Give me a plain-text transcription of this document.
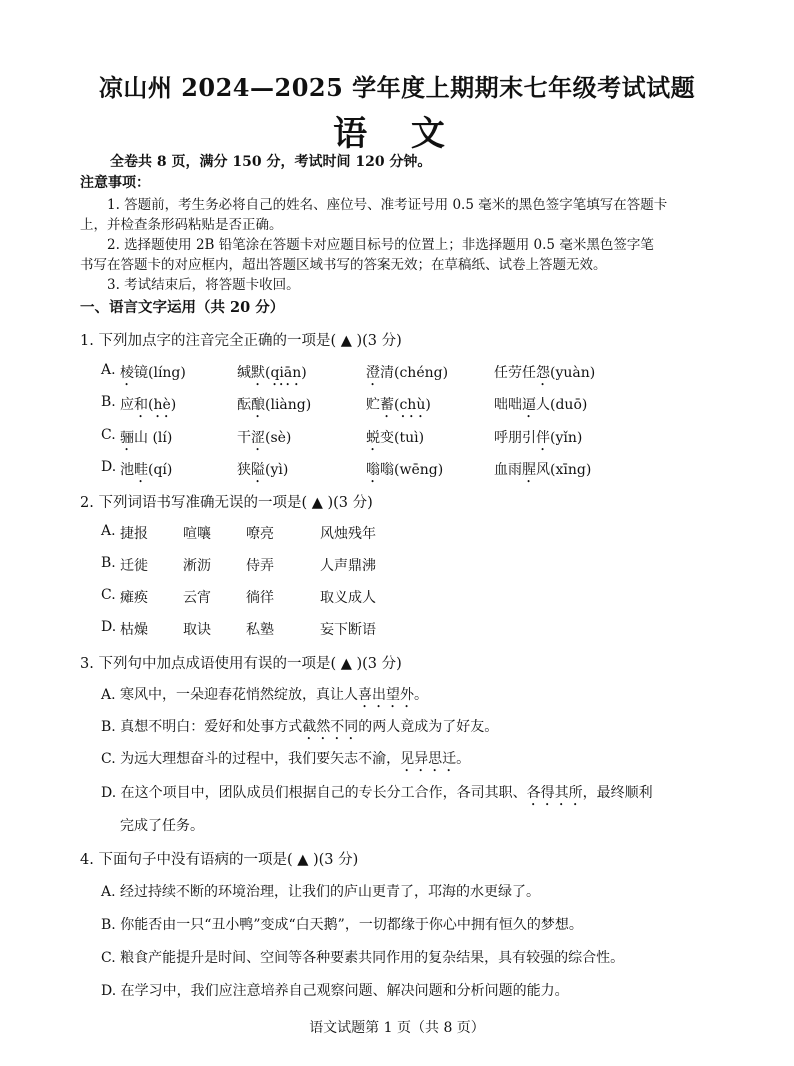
凉山州 2024—2025 学年度上期期末七年级考试试题
语 文
全卷共 8 页，满分 150 分，考试时间 120 分钟。
注意事项：
1. 答题前，考生务必将自己的姓名、座位号、准考证号用 0.5 毫米的黑色签字笔填写在答题卡
上，并检查条形码粘贴是否正确。
2. 选择题使用 2B 铅笔涂在答题卡对应题目标号的位置上；非选择题用 0.5 毫米黑色签字笔
书写在答题卡的对应框内，超出答题区域书写的答案无效；在草稿纸、试卷上答题无效。
3. 考试结束后，将答题卡收回。
一、语言文字运用（共 20 分）
1. 下列加点字的注音完全正确的一项是( ▲ )(3 分)
A. 棱镜(líng)	缄默(qiān)	澄清(chéng)	任劳任怨(yuàn)
B. 应和(hè)	酝酿(liàng)	贮蓄(chù)	咄咄逼人(duō)
C. 骊山 (lí)	干涩(sè)	蜕变(tuì)	呼朋引伴(yǐn)
D. 池畦(qí)	狭隘(yì)	嗡嗡(wēng)	血雨腥风(xīng)
2. 下列词语书写准确无误的一项是( ▲ )(3 分)
A. 捷报	喧嚷	嘹亮	风烛残年
B. 迁徙	淅沥	侍弄	人声鼎沸
C. 瘫痪	云宵	徜徉	取义成人
D. 枯燥	取诀	私塾	妄下断语
3. 下列句中加点成语使用有误的一项是( ▲ )(3 分)
A. 寒风中，一朵迎春花悄然绽放，真让人喜出望外。
B. 真想不明白：爱好和处事方式截然不同的两人竟成为了好友。
C. 为远大理想奋斗的过程中，我们要矢志不渝，见异思迁。
D. 在这个项目中，团队成员们根据自己的专长分工合作，各司其职、各得其所，最终顺利
完成了任务。
4. 下面句子中没有语病的一项是( ▲ )(3 分)
A. 经过持续不断的环境治理，让我们的庐山更青了，邛海的水更绿了。
B. 你能否由一只“丑小鸭”变成“白天鹅”，一切都缘于你心中拥有恒久的梦想。
C. 粮食产能提升是时间、空间等各种要素共同作用的复杂结果，具有较强的综合性。
D. 在学习中，我们应注意培养自己观察问题、解决问题和分析问题的能力。
语文试题第 1 页（共 8 页）
